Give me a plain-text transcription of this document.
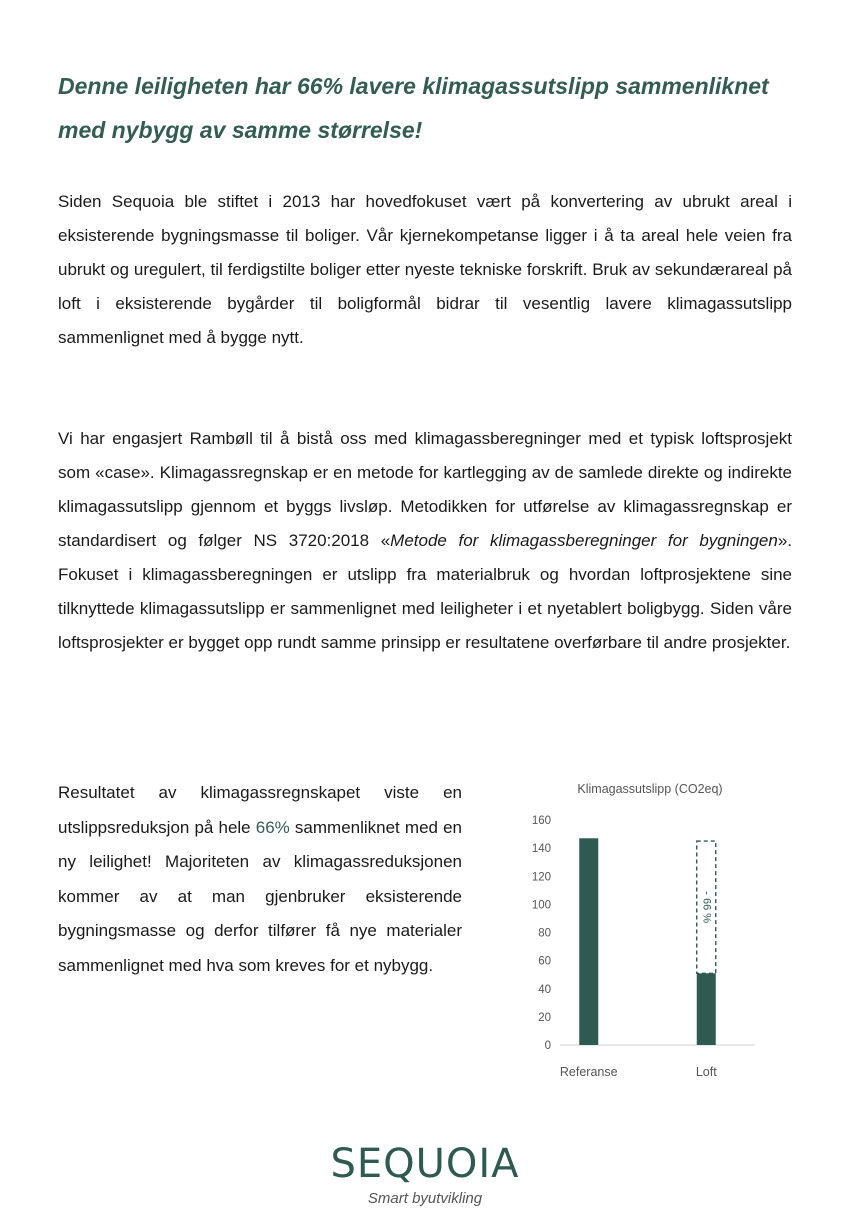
Denne leiligheten har 66% lavere klimagassutslipp sammenliknet med nybygg av samme størrelse!
Siden Sequoia ble stiftet i 2013 har hovedfokuset vært på konvertering av ubrukt areal i eksisterende bygningsmasse til boliger. Vår kjernekompetanse ligger i å ta areal hele veien fra ubrukt og uregulert, til ferdigstilte boliger etter nyeste tekniske forskrift. Bruk av sekundærareal på loft i eksisterende bygårder til boligformål bidrar til vesentlig lavere klimagassutslipp sammenlignet med å bygge nytt.
Vi har engasjert Rambøll til å bistå oss med klimagassberegninger med et typisk loftsprosjekt som «case». Klimagassregnskap er en metode for kartlegging av de samlede direkte og indirekte klimagassutslipp gjennom et byggs livsløp. Metodikken for utførelse av klimagassregnskap er standardisert og følger NS 3720:2018 «Metode for klimagassberegninger for bygningen». Fokuset i klimagassberegningen er utslipp fra materialbruk og hvordan loftprosjektene sine tilknyttede klimagassutslipp er sammenlignet med leiligheter i et nyetablert boligbygg. Siden våre loftsprosjekter er bygget opp rundt samme prinsipp er resultatene overførbare til andre prosjekter.
Resultatet av klimagassregnskapet viste en utslippsreduksjon på hele 66% sammenliknet med en ny leilighet! Majoriteten av klimagassreduksjonen kommer av at man gjenbruker eksisterende bygningsmasse og derfor tilfører få nye materialer sammenlignet med hva som kreves for et nybygg.
Klimagassutslipp (CO2eq)
0
20
40
60
80
100
120
140
160
Referanse
- 66 %
Loft
SEQUOIA
Smart byutvikling
